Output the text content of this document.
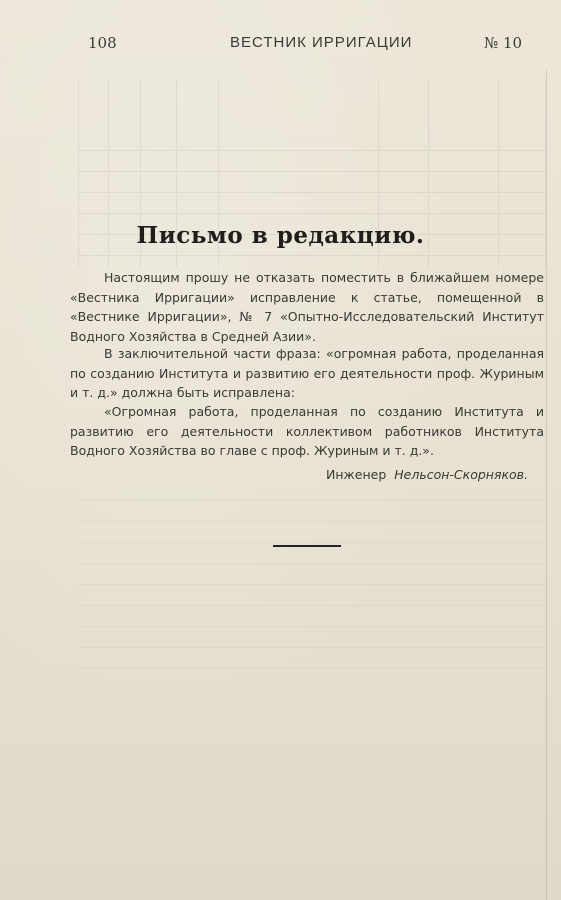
108	ВЕСТНИК ИРРИГАЦИИ	№ 10
Письмо в редакцию.

Настоящим прошу не отказать поместить в ближайшем номере «Вестника Ирригации» исправление к статье, помещенной в «Вестнике Ирригации», № 7 «Опытно-Исследовательский Институт Водного Хозяйства в Средней Азии».

В заключительной части фраза: «огромная работа, проделанная по созданию Института и развитию его деятельности проф. Журиным и т. д.» должна быть исправлена:

«Огромная работа, проделанная по созданию Института и развитию его деятельности коллективом работников Института Водного Хозяйства во главе с проф. Журиным и т. д.».

Инженер Нельсон-Скорняков.
